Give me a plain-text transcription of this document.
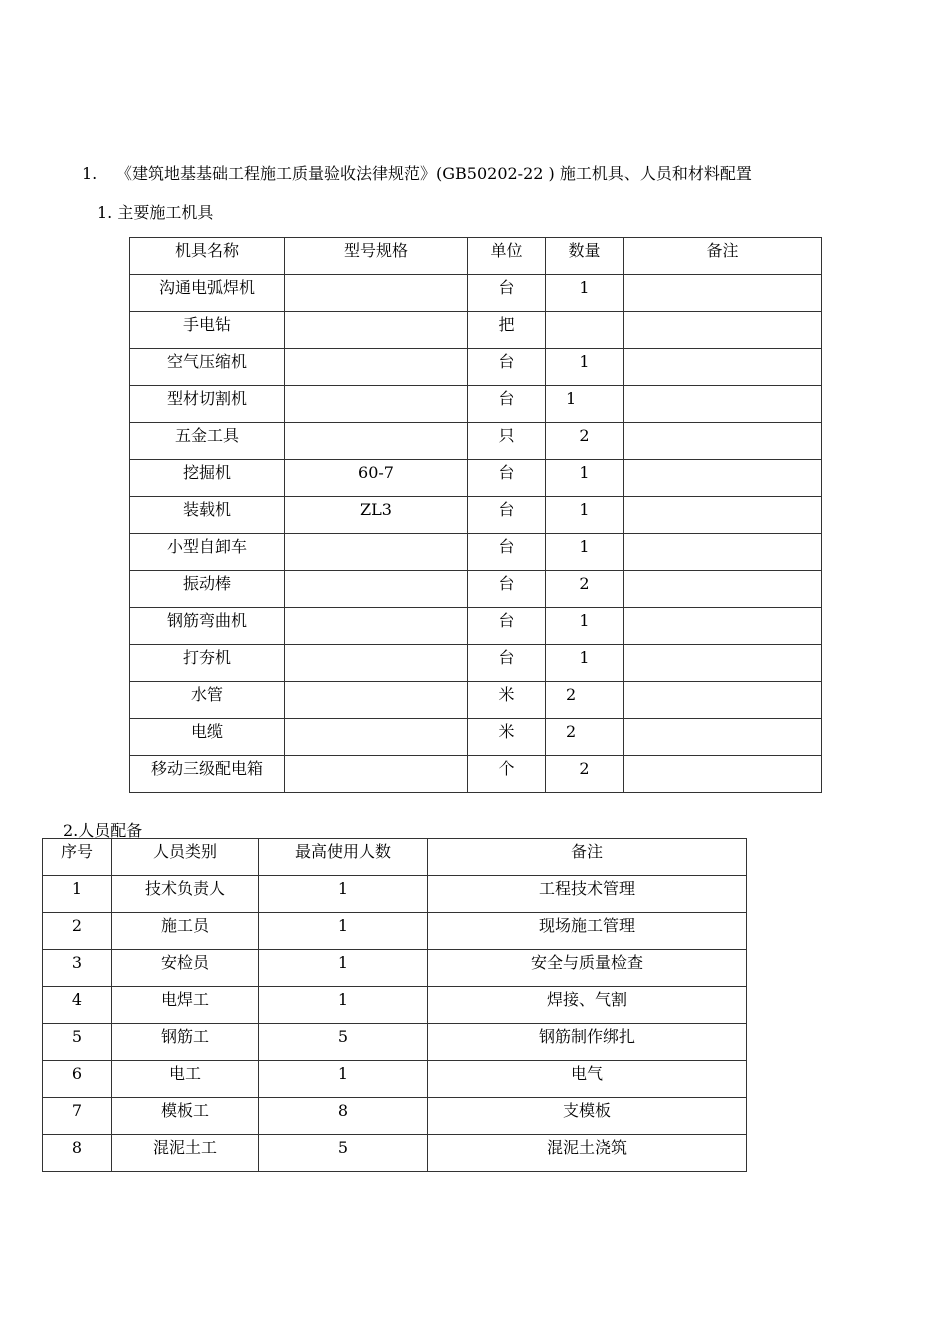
1. 《建筑地基基础工程施工质量验收法律规范》(GB50202-22 ) 施工机具、人员和材料配置
1. 主要施工机具
机具名称	型号规格	单位	数量	备注

沟通电弧焊机		台	1	

手电钻		把		

空气压缩机		台	1	

型材切割机		台	1	

五金工具		只	2	

挖掘机	60-7	台	1	

装载机	ZL3	台	1	

小型自卸车		台	1	

振动棒		台	2	

钢筋弯曲机		台	1	

打夯机		台	1	

水管		米	2	

电缆		米	2	

移动三级配电箱		个	2	

2.人员配备
序号	人员类别	最高使用人数	备注

1	技术负责人	1	工程技术管理

2	施工员	1	现场施工管理

3	安检员	1	安全与质量检查

4	电焊工	1	焊接、气割

5	钢筋工	5	钢筋制作绑扎

6	电工	1	电气

7	模板工	8	支模板

8	混泥土工	5	混泥土浇筑
